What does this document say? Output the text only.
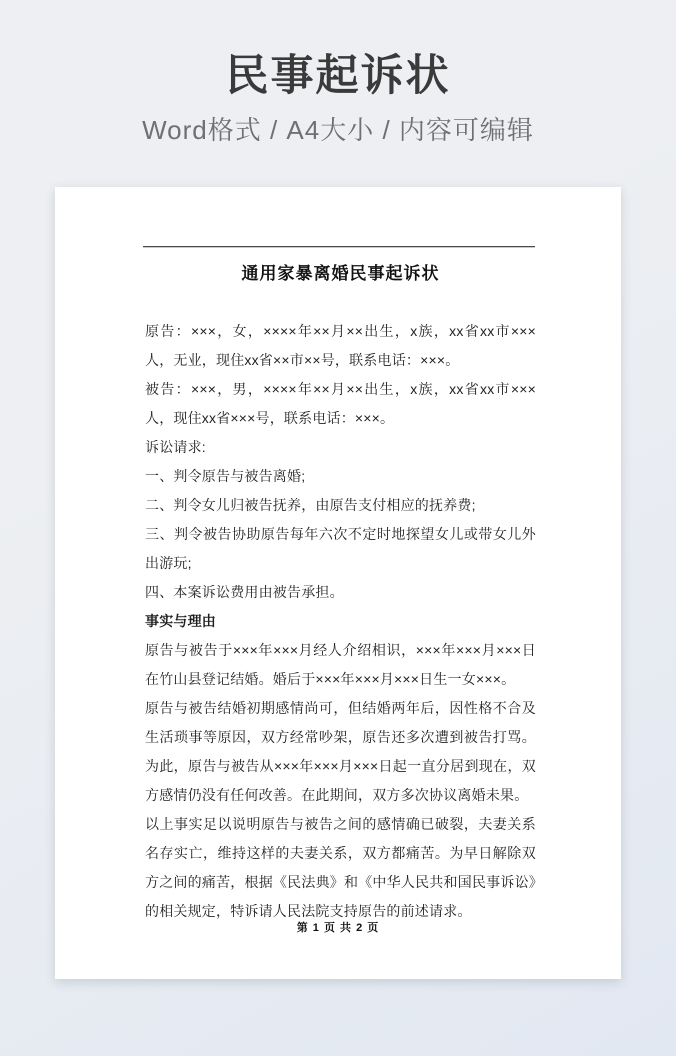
民事起诉状
Word格式 / A4大小 / 内容可编辑
通用家暴离婚民事起诉状

原告：×××，女，××××年××月××出生，x族，xx省xx市×××人，无业，现住xx省××市××号，联系电话：×××。

被告：×××，男，××××年××月××出生，x族，xx省xx市×××人，现住xx省×××号，联系电话：×××。

诉讼请求:

一、判令原告与被告离婚;

二、判令女儿归被告抚养，由原告支付相应的抚养费;

三、判令被告协助原告每年六次不定时地探望女儿或带女儿外出游玩;

四、本案诉讼费用由被告承担。

事实与理由

原告与被告于×××年×××月经人介绍相识，×××年×××月×××日在竹山县登记结婚。婚后于×××年×××月×××日生一女×××。

原告与被告结婚初期感情尚可，但结婚两年后，因性格不合及生活琐事等原因，双方经常吵架，原告还多次遭到被告打骂。为此，原告与被告从×××年×××月×××日起一直分居到现在，双方感情仍没有任何改善。在此期间，双方多次协议离婚未果。

以上事实足以说明原告与被告之间的感情确已破裂，夫妻关系名存实亡，维持这样的夫妻关系，双方都痛苦。为早日解除双方之间的痛苦，根据《民法典》和《中华人民共和国民事诉讼》的相关规定，特诉请人民法院支持原告的前述请求。

第 1 页 共 2 页
